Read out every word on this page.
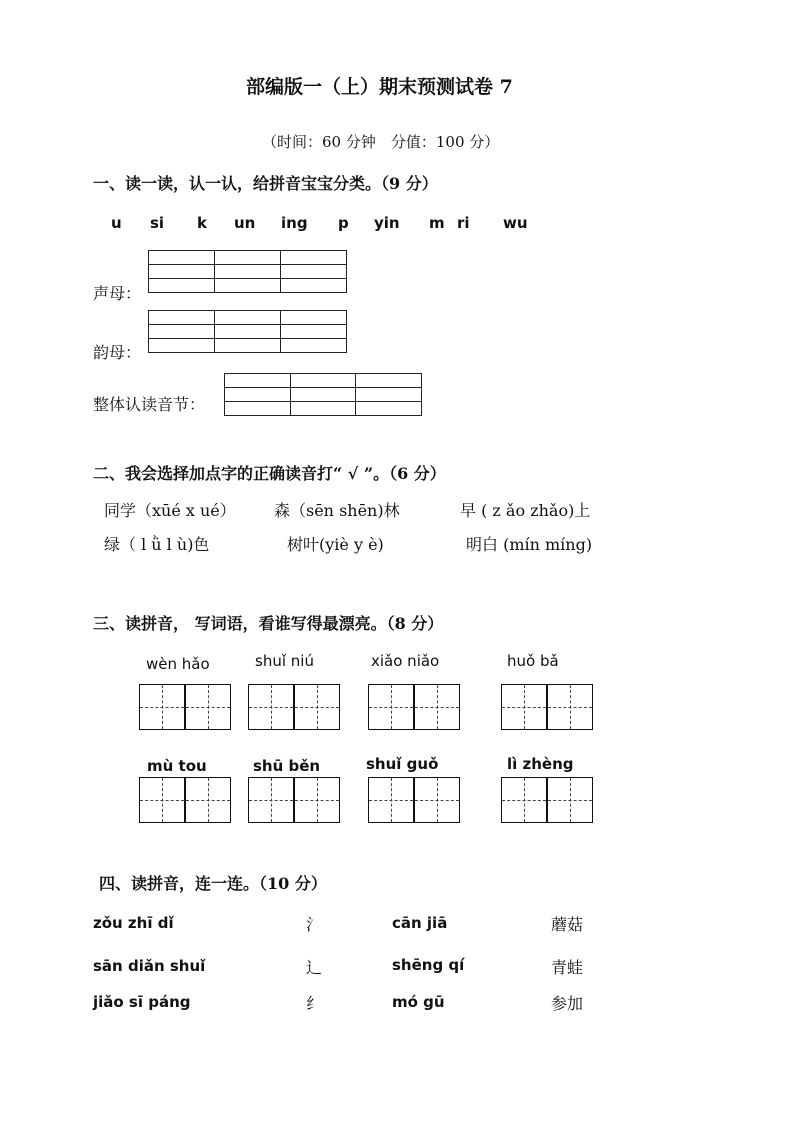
部编版一（上）期末预测试卷 7
（时间：60 分钟　分值：100 分）
一、读一读，认一认，给拼音宝宝分类。（9 分）
u si k un ing p yin m ri wu
声母：

韵母：

整体认读音节：

二、我会选择加点字的正确读音打“ √ ”。（6 分）
同学（xūé x ué） 森（sēn shēn)林	早 ( z ǎo zhǎo)上
绿（ l ǜ l ù)色	树叶(yiè y è)	明白 (mín míng)
三、读拼音， 写词语，看谁写得最漂亮。（8 分）
wèn hǎo	shuǐ niú	xiǎo niǎo	huǒ bǎ
mù tou	shū běn	shuǐ guǒ	lì zhèng
四、读拼音，连一连。（10 分）
zǒu zhī dǐ	氵	cān jiā	蘑菇
sān diǎn shuǐ	辶	shēng qí	青蛙
jiǎo sī páng	纟	mó gū	参加
